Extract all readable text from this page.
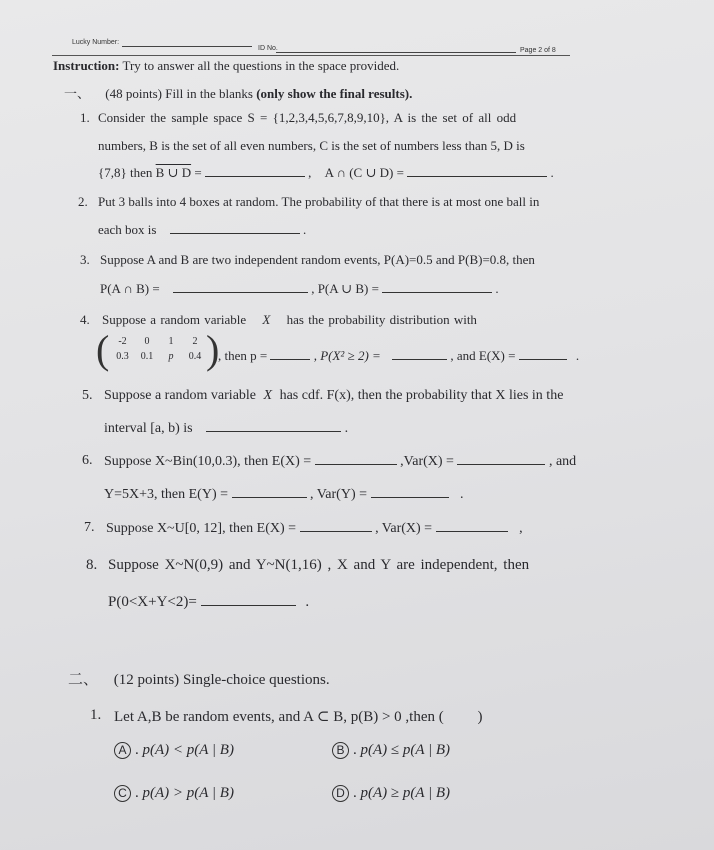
Lucky Number:
ID No.	Page 2 of 8
Instruction: Try to answer all the questions in the space provided.
一、 (48 points) Fill in the blanks (only show the final results).
1. Consider the sample space S = {1,2,3,4,5,6,7,8,9,10}, A is the set of all odd
numbers, B is the set of all even numbers, C is the set of numbers less than 5, D is
{7,8} then B ∪ D =	, A ∩ (C ∪ D) =	.
2. Put 3 balls into 4 boxes at random. The probability of that there is at most one ball in
each box is	.
3. Suppose A and B are two independent random events, P(A)=0.5 and P(B)=0.8, then
P(A ∩ B) =	, P(A ∪ B) =	.
4. Suppose a random variable X has the probability distribution with
( -2 0 1 2
0.3 0.1 p 0.4 )
, then p =	, P(X² ≥ 2) =	, and E(X) =	.
5. Suppose a random variable X has cdf. F(x), then the probability that X lies in the
interval [a, b) is	.
6. Suppose X~Bin(10,0.3), then E(X) =	,Var(X) =	, and
Y=5X+3, then E(Y) =	, Var(Y) =	.
7. Suppose X~U[0, 12], then E(X) =	, Var(X) =	,
8. Suppose X~N(0,9) and Y~N(1,16) , X and Y are independent, then
P(0<X+Y<2)=	.
二、 (12 points) Single-choice questions.
1. Let A,B be random events, and A ⊂ B, p(B) > 0 ,then ( )
A . p(A) < p(A | B)	B . p(A) ≤ p(A | B)
C . p(A) > p(A | B)	D . p(A) ≥ p(A | B)
